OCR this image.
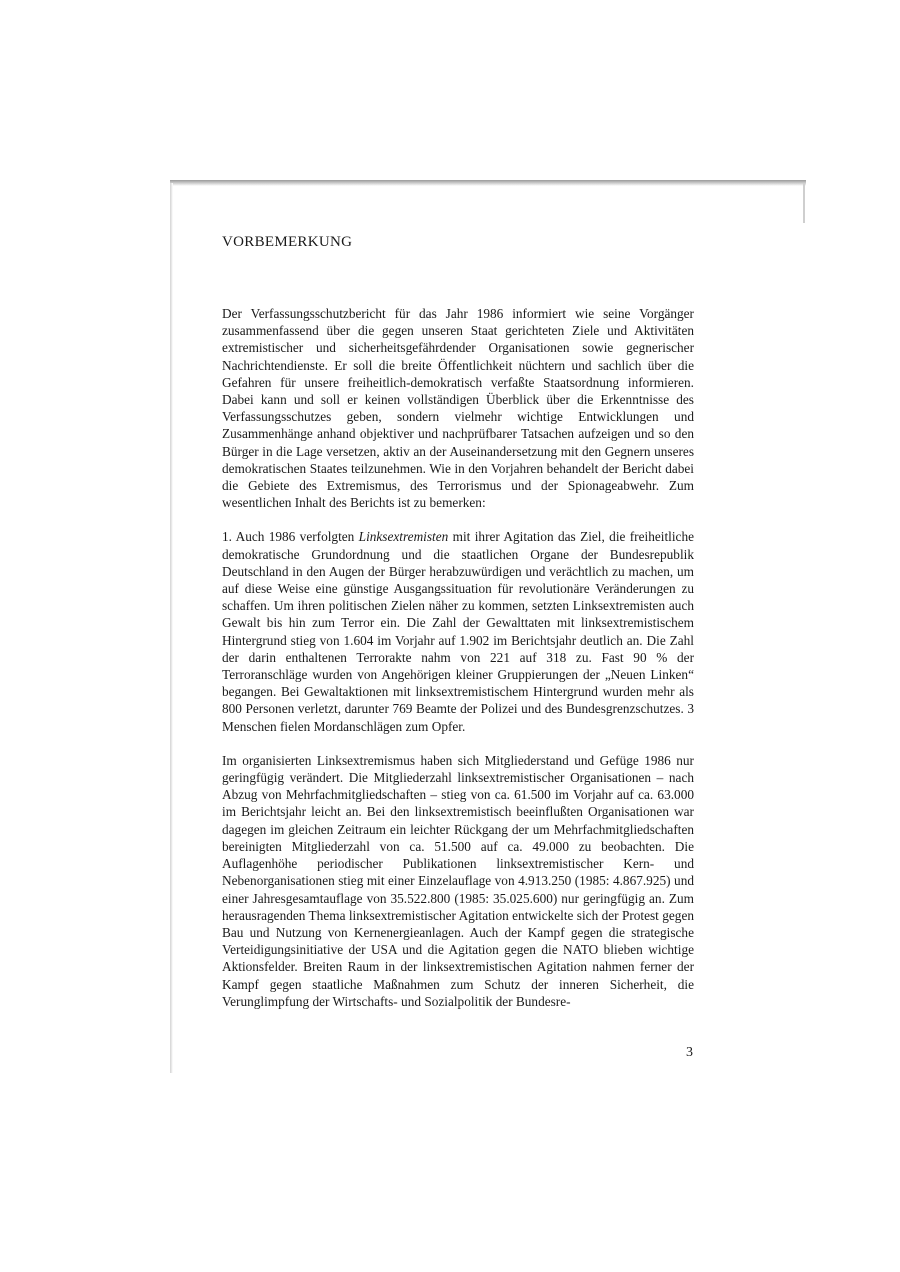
VORBEMERKUNG

Der Verfassungsschutzbericht für das Jahr 1986 informiert wie seine Vorgänger zusammenfassend über die gegen unseren Staat gerichteten Ziele und Aktivitäten extremistischer und sicherheitsgefährdender Organisationen sowie gegnerischer Nachrichtendienste. Er soll die breite Öffentlichkeit nüchtern und sachlich über die Gefahren für unsere freiheitlich-demokratisch verfaßte Staatsordnung informieren. Dabei kann und soll er keinen vollständigen Überblick über die Erkenntnisse des Verfassungsschutzes geben, sondern vielmehr wichtige Entwicklungen und Zusammenhänge anhand objektiver und nachprüfbarer Tatsachen aufzeigen und so den Bürger in die Lage versetzen, aktiv an der Auseinandersetzung mit den Gegnern unseres demokratischen Staates teilzunehmen. Wie in den Vorjahren behandelt der Bericht dabei die Gebiete des Extremismus, des Terrorismus und der Spionageabwehr. Zum wesentlichen Inhalt des Berichts ist zu bemerken:

1. Auch 1986 verfolgten Linksextremisten mit ihrer Agitation das Ziel, die freiheitliche demokratische Grundordnung und die staatlichen Organe der Bundesrepublik Deutschland in den Augen der Bürger herabzuwürdigen und verächtlich zu machen, um auf diese Weise eine günstige Ausgangssituation für revolutionäre Veränderungen zu schaffen. Um ihren politischen Zielen näher zu kommen, setzten Linksextremisten auch Gewalt bis hin zum Terror ein. Die Zahl der Gewalttaten mit linksextremistischem Hintergrund stieg von 1.604 im Vorjahr auf 1.902 im Berichtsjahr deutlich an. Die Zahl der darin enthaltenen Terrorakte nahm von 221 auf 318 zu. Fast 90 % der Terroranschläge wurden von Angehörigen kleiner Gruppierungen der „Neuen Linken“ begangen. Bei Gewaltaktionen mit linksextremistischem Hintergrund wurden mehr als 800 Personen verletzt, darunter 769 Beamte der Polizei und des Bundesgrenzschutzes. 3 Menschen fielen Mordanschlägen zum Opfer.

Im organisierten Linksextremismus haben sich Mitgliederstand und Gefüge 1986 nur geringfügig verändert. Die Mitgliederzahl linksextremistischer Organisationen – nach Abzug von Mehrfachmitgliedschaften – stieg von ca. 61.500 im Vorjahr auf ca. 63.000 im Berichtsjahr leicht an. Bei den linksextremistisch beeinflußten Organisationen war dagegen im gleichen Zeitraum ein leichter Rückgang der um Mehrfachmitgliedschaften bereinigten Mitgliederzahl von ca. 51.500 auf ca. 49.000 zu beobachten. Die Auflagenhöhe periodischer Publikationen linksextremistischer Kern- und Nebenorganisationen stieg mit einer Einzelauflage von 4.913.250 (1985: 4.867.925) und einer Jahresgesamtauflage von 35.522.800 (1985: 35.025.600) nur geringfügig an. Zum herausragenden Thema linksextremistischer Agitation entwickelte sich der Protest gegen Bau und Nutzung von Kernenergieanlagen. Auch der Kampf gegen die strategische Verteidigungsinitiative der USA und die Agitation gegen die NATO blieben wichtige Aktionsfelder. Breiten Raum in der linksextremistischen Agitation nahmen ferner der Kampf gegen staatliche Maßnahmen zum Schutz der inneren Sicherheit, die Verunglimpfung der Wirtschafts- und Sozialpolitik der Bundesre-

3
